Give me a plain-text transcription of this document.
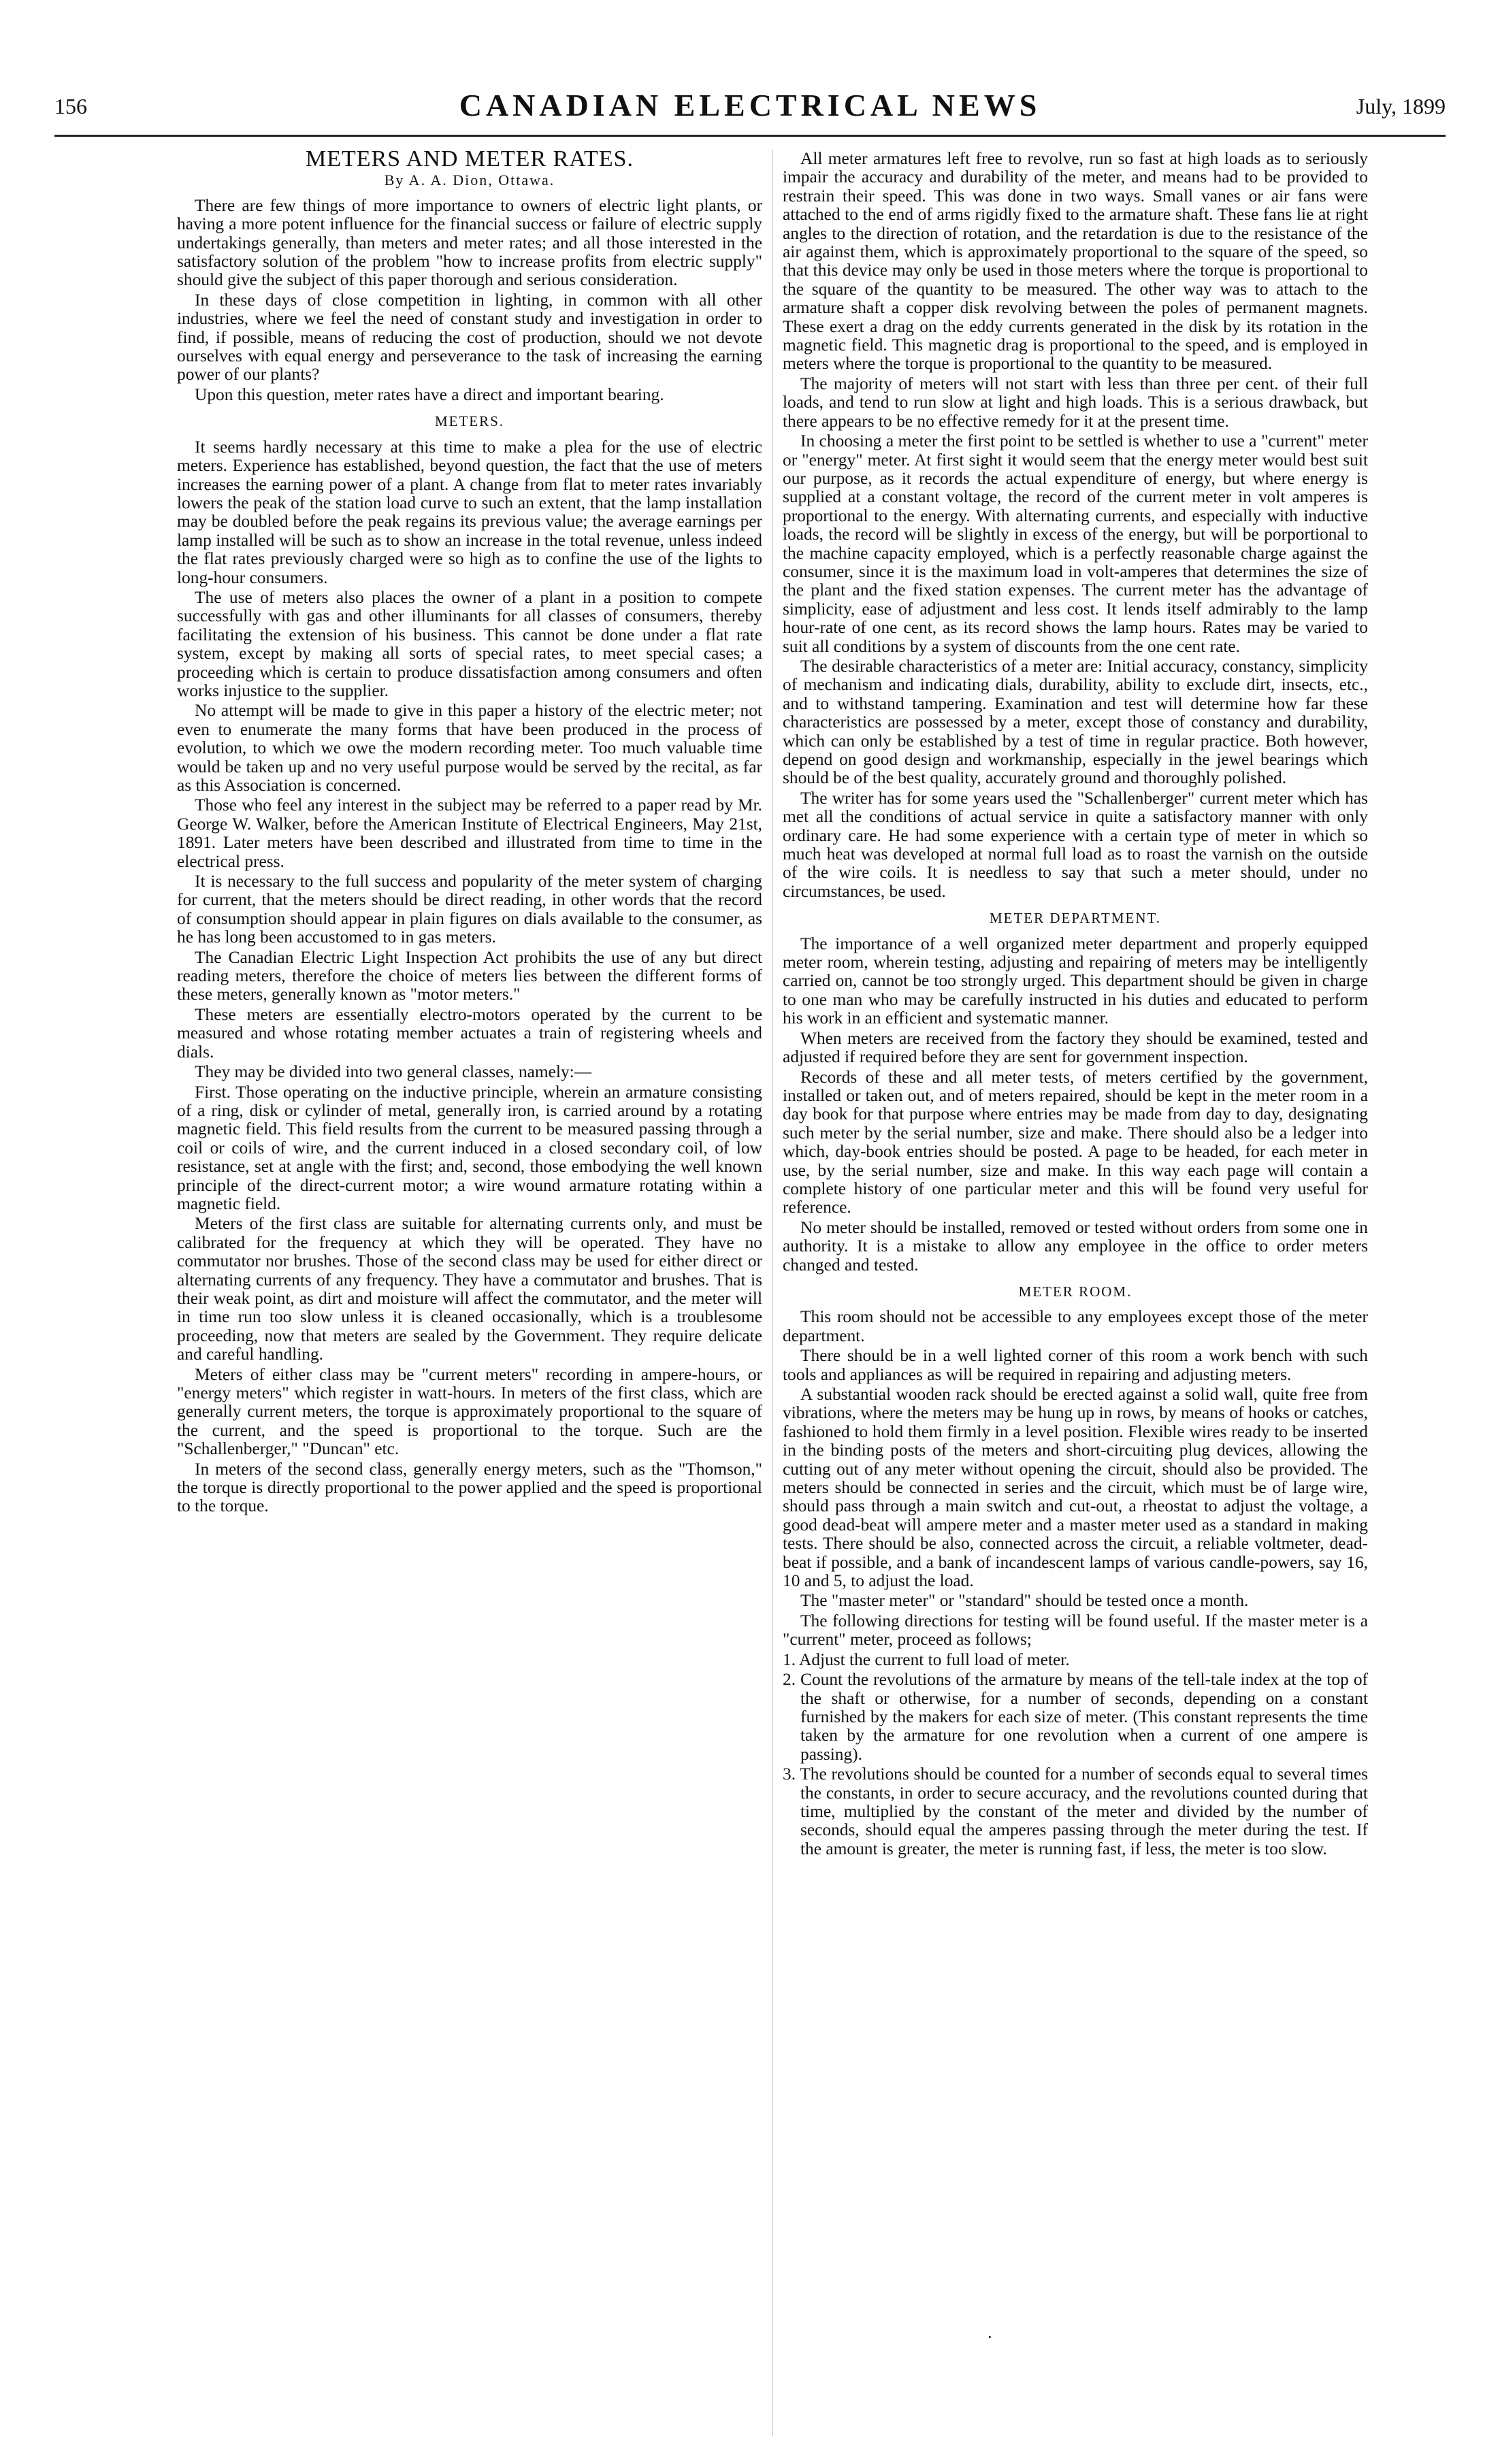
156	CANADIAN ELECTRICAL NEWS	July, 1899
METERS AND METER RATES.
By A. A. Dion, Ottawa.

There are few things of more importance to owners of electric light plants, or having a more potent influence for the financial success or failure of electric supply undertakings generally, than meters and meter rates; and all those interested in the satisfactory solution of the problem "how to increase profits from electric supply" should give the subject of this paper thorough and serious consideration.

In these days of close competition in lighting, in common with all other industries, where we feel the need of constant study and investigation in order to find, if possible, means of reducing the cost of production, should we not devote ourselves with equal energy and perseverance to the task of increasing the earning power of our plants?

Upon this question, meter rates have a direct and important bearing.

METERS.

It seems hardly necessary at this time to make a plea for the use of electric meters. Experience has established, beyond question, the fact that the use of meters increases the earning power of a plant. A change from flat to meter rates invariably lowers the peak of the station load curve to such an extent, that the lamp installation may be doubled before the peak regains its previous value; the average earnings per lamp installed will be such as to show an increase in the total revenue, unless indeed the flat rates previously charged were so high as to confine the use of the lights to long-hour consumers.

The use of meters also places the owner of a plant in a position to compete successfully with gas and other illuminants for all classes of consumers, thereby facilitating the extension of his business. This cannot be done under a flat rate system, except by making all sorts of special rates, to meet special cases; a proceeding which is certain to produce dissatisfaction among consumers and often works injustice to the supplier.

No attempt will be made to give in this paper a history of the electric meter; not even to enumerate the many forms that have been produced in the process of evolution, to which we owe the modern recording meter. Too much valuable time would be taken up and no very useful purpose would be served by the recital, as far as this Association is concerned.

Those who feel any interest in the subject may be referred to a paper read by Mr. George W. Walker, before the American Institute of Electrical Engineers, May 21st, 1891. Later meters have been described and illustrated from time to time in the electrical press.

It is necessary to the full success and popularity of the meter system of charging for current, that the meters should be direct reading, in other words that the record of consumption should appear in plain figures on dials available to the consumer, as he has long been accustomed to in gas meters.

The Canadian Electric Light Inspection Act prohibits the use of any but direct reading meters, therefore the choice of meters lies between the different forms of these meters, generally known as "motor meters."

These meters are essentially electro-motors operated by the current to be measured and whose rotating member actuates a train of registering wheels and dials.

They may be divided into two general classes, namely:—

First. Those operating on the inductive principle, wherein an armature consisting of a ring, disk or cylinder of metal, generally iron, is carried around by a rotating magnetic field. This field results from the current to be measured passing through a coil or coils of wire, and the current induced in a closed secondary coil, of low resistance, set at angle with the first; and, second, those embodying the well known principle of the direct-current motor; a wire wound armature rotating within a magnetic field.

Meters of the first class are suitable for alternating currents only, and must be calibrated for the frequency at which they will be operated. They have no commutator nor brushes. Those of the second class may be used for either direct or alternating currents of any frequency. They have a commutator and brushes. That is their weak point, as dirt and moisture will affect the commutator, and the meter will in time run too slow unless it is cleaned occasionally, which is a troublesome proceeding, now that meters are sealed by the Government. They require delicate and careful handling.

Meters of either class may be "current meters" recording in ampere-hours, or "energy meters" which register in watt-hours. In meters of the first class, which are generally current meters, the torque is approximately proportional to the square of the current, and the speed is proportional to the torque. Such are the "Schallenberger," "Duncan" etc.

In meters of the second class, generally energy meters, such as the "Thomson," the torque is directly proportional to the power applied and the speed is proportional to the torque.

All meter armatures left free to revolve, run so fast at high loads as to seriously impair the accuracy and durability of the meter, and means had to be provided to restrain their speed. This was done in two ways. Small vanes or air fans were attached to the end of arms rigidly fixed to the armature shaft. These fans lie at right angles to the direction of rotation, and the retardation is due to the resistance of the air against them, which is approximately proportional to the square of the speed, so that this device may only be used in those meters where the torque is proportional to the square of the quantity to be measured. The other way was to attach to the armature shaft a copper disk revolving between the poles of permanent magnets. These exert a drag on the eddy currents generated in the disk by its rotation in the magnetic field. This magnetic drag is proportional to the speed, and is employed in meters where the torque is proportional to the quantity to be measured.

The majority of meters will not start with less than three per cent. of their full loads, and tend to run slow at light and high loads. This is a serious drawback, but there appears to be no effective remedy for it at the present time.

In choosing a meter the first point to be settled is whether to use a "current" meter or "energy" meter. At first sight it would seem that the energy meter would best suit our purpose, as it records the actual expenditure of energy, but where energy is supplied at a constant voltage, the record of the current meter in volt amperes is proportional to the energy. With alternating currents, and especially with inductive loads, the record will be slightly in excess of the energy, but will be porportional to the machine capacity employed, which is a perfectly reasonable charge against the consumer, since it is the maximum load in volt-amperes that determines the size of the plant and the fixed station expenses. The current meter has the advantage of simplicity, ease of adjustment and less cost. It lends itself admirably to the lamp hour-rate of one cent, as its record shows the lamp hours. Rates may be varied to suit all conditions by a system of discounts from the one cent rate.

The desirable characteristics of a meter are: Initial accuracy, constancy, simplicity of mechanism and indicating dials, durability, ability to exclude dirt, insects, etc., and to withstand tampering. Examination and test will determine how far these characteristics are possessed by a meter, except those of constancy and durability, which can only be established by a test of time in regular practice. Both however, depend on good design and workmanship, especially in the jewel bearings which should be of the best quality, accurately ground and thoroughly polished.

The writer has for some years used the "Schallenberger" current meter which has met all the conditions of actual service in quite a satisfactory manner with only ordinary care. He had some experience with a certain type of meter in which so much heat was developed at normal full load as to roast the varnish on the outside of the wire coils. It is needless to say that such a meter should, under no circumstances, be used.

METER DEPARTMENT.

The importance of a well organized meter department and properly equipped meter room, wherein testing, adjusting and repairing of meters may be intelligently carried on, cannot be too strongly urged. This department should be given in charge to one man who may be carefully instructed in his duties and educated to perform his work in an efficient and systematic manner.

When meters are received from the factory they should be examined, tested and adjusted if required before they are sent for government inspection.

Records of these and all meter tests, of meters certified by the government, installed or taken out, and of meters repaired, should be kept in the meter room in a day book for that purpose where entries may be made from day to day, designating such meter by the serial number, size and make. There should also be a ledger into which, day-book entries should be posted. A page to be headed, for each meter in use, by the serial number, size and make. In this way each page will contain a complete history of one particular meter and this will be found very useful for reference.

No meter should be installed, removed or tested without orders from some one in authority. It is a mistake to allow any employee in the office to order meters changed and tested.

METER ROOM.

This room should not be accessible to any employees except those of the meter department.

There should be in a well lighted corner of this room a work bench with such tools and appliances as will be required in repairing and adjusting meters.

A substantial wooden rack should be erected against a solid wall, quite free from vibrations, where the meters may be hung up in rows, by means of hooks or catches, fashioned to hold them firmly in a level position. Flexible wires ready to be inserted in the binding posts of the meters and short-circuiting plug devices, allowing the cutting out of any meter without opening the circuit, should also be provided. The meters should be connected in series and the circuit, which must be of large wire, should pass through a main switch and cut-out, a rheostat to adjust the voltage, a good dead-beat will ampere meter and a master meter used as a standard in making tests. There should be also, connected across the circuit, a reliable voltmeter, dead-beat if possible, and a bank of incandescent lamps of various candle-powers, say 16, 10 and 5, to adjust the load.

The "master meter" or "standard" should be tested once a month.

The following directions for testing will be found useful. If the master meter is a "current" meter, proceed as follows;

1. Adjust the current to full load of meter.

2. Count the revolutions of the armature by means of the tell-tale index at the top of the shaft or otherwise, for a number of seconds, depending on a constant furnished by the makers for each size of meter. (This constant represents the time taken by the armature for one revolution when a current of one ampere is passing).

3. The revolutions should be counted for a number of seconds equal to several times the constants, in order to secure accuracy, and the revolutions counted during that time, multiplied by the constant of the meter and divided by the number of seconds, should equal the amperes passing through the meter during the test. If the amount is greater, the meter is running fast, if less, the meter is too slow.

·
